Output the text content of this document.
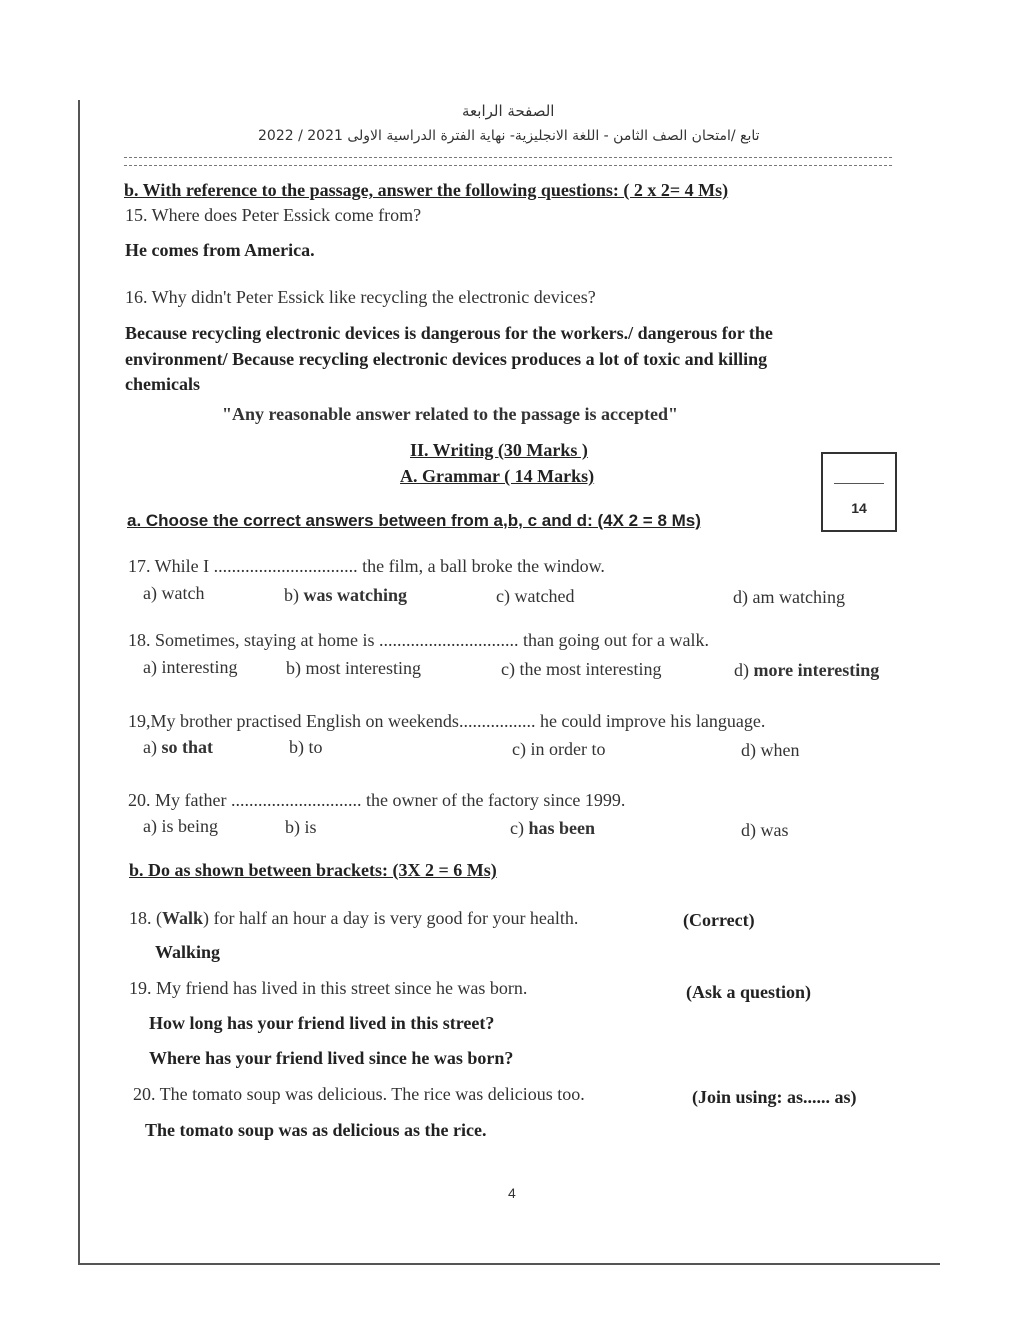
الصفحة الرابعة
تابع /امتحان الصف الثامن - اللغة الانجليزية- نهاية الفترة الدراسية الاولى 2021 / 2022
b. With reference to the passage, answer the following questions: ( 2 x 2= 4 Ms)
15. Where does Peter Essick come from?
He comes from America.
16. Why didn't Peter Essick like recycling the electronic devices?
Because recycling electronic devices is dangerous for the workers./ dangerous for the
environment/ Because recycling electronic devices produces a lot of toxic and killing
chemicals
"Any reasonable answer related to the passage is accepted"
II. Writing (30 Marks )
A. Grammar ( 14 Marks)
14
a. Choose the correct answers between from a,b, c and d: (4X 2 = 8 Ms)
17. While I ................................ the film, a ball broke the window.
a) watch	b) was watching	c) watched	d) am watching
18. Sometimes, staying at home is ............................... than going out for a walk.
a) interesting	b) most interesting	c) the most interesting	d) more interesting
19,My brother practised English on weekends................. he could improve his language.
a) so that	b) to	c) in order to	d) when
20. My father ............................. the owner of the factory since 1999.
a) is being	b) is	c) has been	d) was
b. Do as shown between brackets: (3X 2 = 6 Ms)
18. (Walk) for half an hour a day is very good for your health.	(Correct)
Walking
19. My friend has lived in this street since he was born.	(Ask a question)
How long has your friend lived in this street?
Where has your friend lived since he was born?
20. The tomato soup was delicious. The rice was delicious too.	(Join using: as...... as)
The tomato soup was as delicious as the rice.
4
